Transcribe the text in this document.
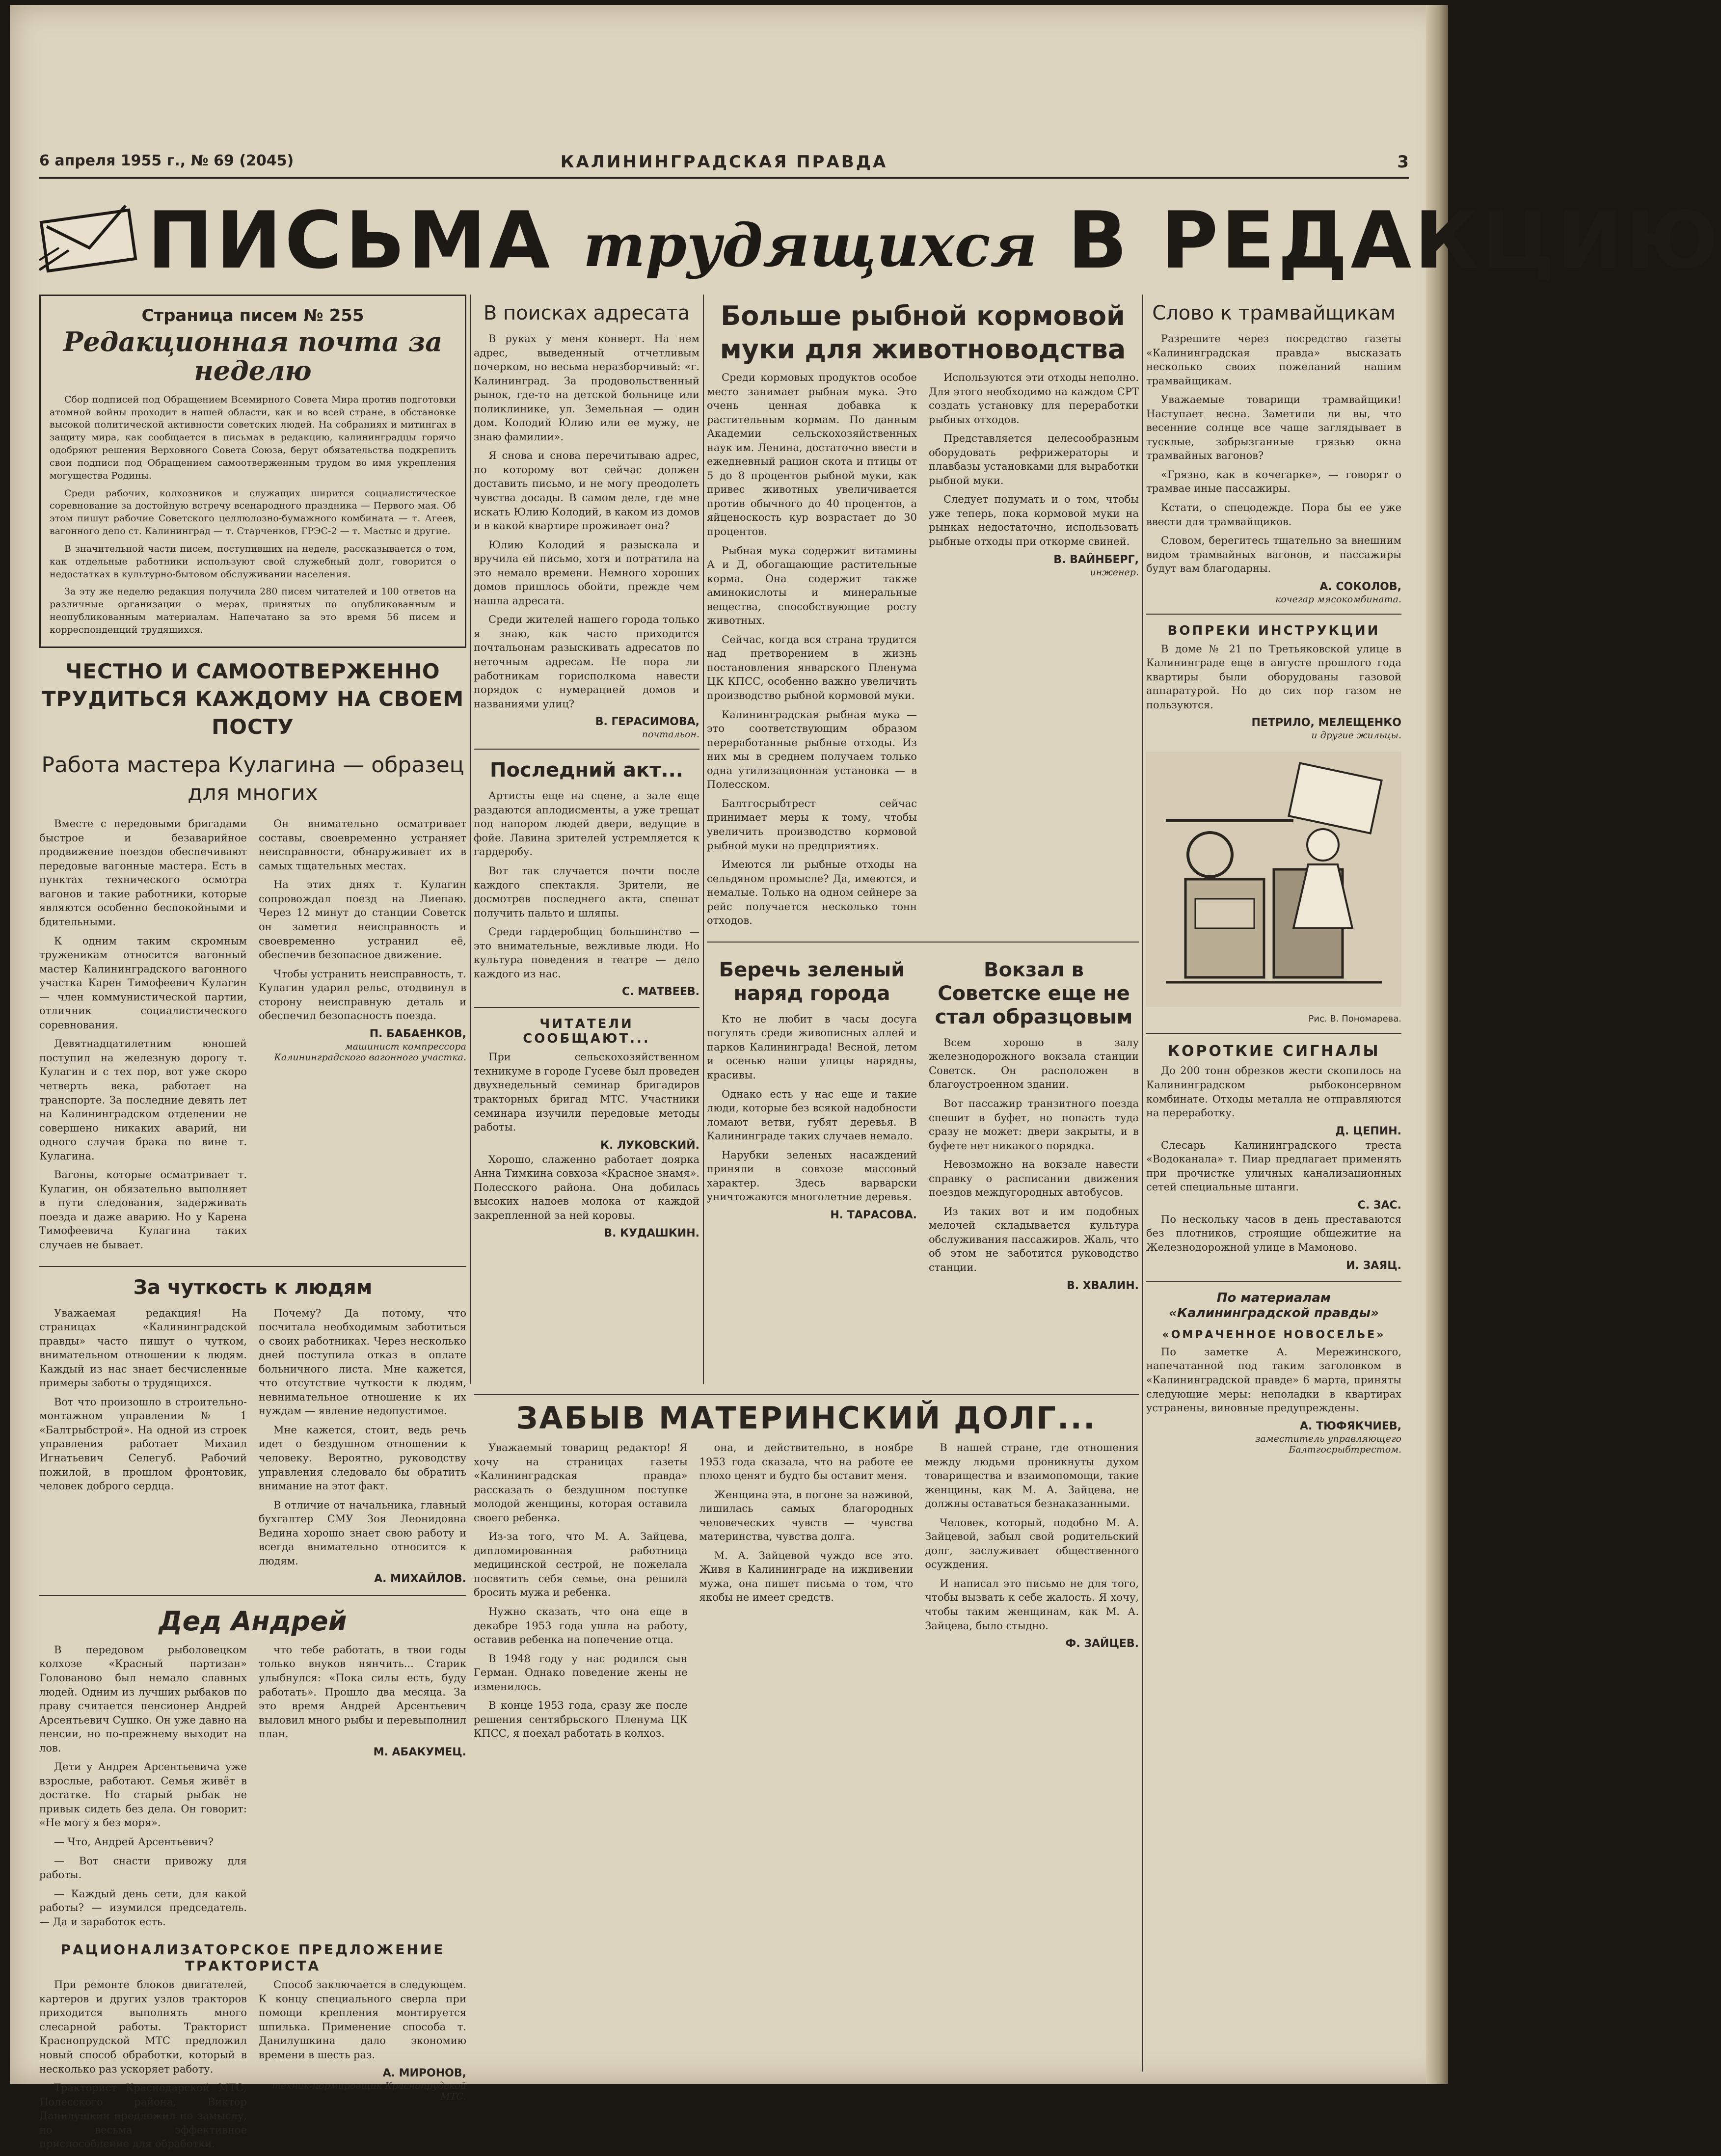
6 апреля 1955 г., № 69 (2045)	КАЛИНИНГРАДСКАЯ ПРАВДА	3
ПИСЬМА трудящихся В РЕДАКЦИЮ
Страница писем № 255
Редакционная почта за неделю

Сбор подписей под Обращением Всемирного Совета Мира против подготовки атомной войны проходит в нашей области, как и во всей стране, в обстановке высокой политической активности советских людей. На собраниях и митингах в защиту мира, как сообщается в письмах в редакцию, калининградцы горячо одобряют решения Верховного Совета Союза, берут обязательства подкрепить свои подписи под Обращением самоотверженным трудом во имя укрепления могущества Родины.

Среди рабочих, колхозников и служащих ширится социалистическое соревнование за достойную встречу всенародного праздника — Первого мая. Об этом пишут рабочие Советского целлюлозно-бумажного комбината — т. Агеев, вагонного депо ст. Калининград — т. Старченков, ГРЭС-2 — т. Мастыс и другие.

В значительной части писем, поступивших на неделе, рассказывается о том, как отдельные работники используют свой служебный долг, говорится о недостатках в культурно-бытовом обслуживании населения.

За эту же неделю редакция получила 280 писем читателей и 100 ответов на различные организации о мерах, принятых по опубликованным и неопубликованным материалам. Напечатано за это время 56 писем и корреспонденций трудящихся.

ЧЕСТНО И САМООТВЕРЖЕННО ТРУДИТЬСЯ КАЖДОМУ НА СВОЕМ ПОСТУ
Работа мастера Кулагина — образец для многих

Вместе с передовыми бригадами быстрое и безаварийное продвижение поездов обеспечивают передовые вагонные мастера. Есть в пунктах технического осмотра вагонов и такие работники, которые являются особенно беспокойными и бдительными.

К одним таким скромным труженикам относится вагонный мастер Калининградского вагонного участка Карен Тимофеевич Кулагин — член коммунистической партии, отличник социалистического соревнования.

Девятнадцатилетним юношей поступил на железную дорогу т. Кулагин и с тех пор, вот уже скоро четверть века, работает на транспорте. За последние девять лет на Калининградском отделении не совершено никаких аварий, ни одного случая брака по вине т. Кулагина.

Вагоны, которые осматривает т. Кулагин, он обязательно выполняет в пути следования, задерживать поезда и даже аварию. Но у Карена Тимофеевича Кулагина таких случаев не бывает.

Он внимательно осматривает составы, своевременно устраняет неисправности, обнаруживает их в самых тщательных местах.

На этих днях т. Кулагин сопровождал поезд на Лиепаю. Через 12 минут до станции Советск он заметил неисправность и своевременно устранил её, обеспечив безопасное движение.

Чтобы устранить неисправность, т. Кулагин ударил рельс, отодвинул в сторону неисправную деталь и обеспечил безопасность поезда.

П. БАБАЕНКОВ,
машинист компрессора Калининградского вагонного участка.
За чуткость к людям

Уважаемая редакция! На страницах «Калининградской правды» часто пишут о чутком, внимательном отношении к людям. Каждый из нас знает бесчисленные примеры заботы о трудящихся.

Вот что произошло в строительно-монтажном управлении № 1 «Балтрыбстрой». На одной из строек управления работает Михаил Игнатьевич Селегуб. Рабочий пожилой, в прошлом фронтовик, человек доброго сердца.

Почему? Да потому, что посчитала необходимым заботиться о своих работниках. Через несколько дней поступила отказ в оплате больничного листа. Мне кажется, что отсутствие чуткости к людям, невнимательное отношение к их нуждам — явление недопустимое.

Мне кажется, стоит, ведь речь идет о бездушном отношении к человеку. Вероятно, руководству управления следовало бы обратить внимание на этот факт.

В отличие от начальника, главный бухгалтер СМУ Зоя Леонидовна Ведина хорошо знает свою работу и всегда внимательно относится к людям.

А. МИХАЙЛОВ.
Дед Андрей

В передовом рыболовецком колхозе «Красный партизан» Голованово был немало славных людей. Одним из лучших рыбаков по праву считается пенсионер Андрей Арсентьевич Сушко. Он уже давно на пенсии, но по-прежнему выходит на лов.

Дети у Андрея Арсентьевича уже взрослые, работают. Семья живёт в достатке. Но старый рыбак не привык сидеть без дела. Он говорит: «Не могу я без моря».

— Что, Андрей Арсентьевич?

— Вот снасти привожу для работы.

— Каждый день сети, для какой работы? — изумился председатель. — Да и заработок есть.

что тебе работать, в твои годы только внуков нянчить... Старик улыбнулся: «Пока силы есть, буду работать». Прошло два месяца. За это время Андрей Арсентьевич выловил много рыбы и перевыполнил план.

М. АБАКУМЕЦ.
РАЦИОНАЛИЗАТОРСКОЕ ПРЕДЛОЖЕНИЕ ТРАКТОРИСТА

При ремонте блоков двигателей, картеров и других узлов тракторов приходится выполнять много слесарной работы. Тракторист Краснопрудской МТС предложил новый способ обработки, который в несколько раз ускоряет работу.

Тракторист Краснодарской МТС, Полесского района, Виктор Данилушкин предложил по замыслу, но весьма эффективное приспособление для обработки.

Способ заключается в следующем. К концу специального сверла при помощи крепления монтируется шпилька. Применение способа т. Данилушкина дало экономию времени в шесть раз.

А. МИРОНОВ,
техник-нормировщик Краснопрудской МТС.
В поисках адресата

В руках у меня конверт. На нем адрес, выведенный отчетливым почерком, но весьма неразборчивый: «г. Калининград. За продовольственный рынок, где-то на детской больнице или поликлинике, ул. Земельная — один дом. Колодий Юлию или ее мужу, не знаю фамилии».

Я снова и снова перечитываю адрес, по которому вот сейчас должен доставить письмо, и не могу преодолеть чувства досады. В самом деле, где мне искать Юлию Колодий, в каком из домов и в какой квартире проживает она?

Юлию Колодий я разыскала и вручила ей письмо, хотя и потратила на это немало времени. Немного хороших домов пришлось обойти, прежде чем нашла адресата.

Среди жителей нашего города только я знаю, как часто приходится почтальонам разыскивать адресатов по неточным адресам. Не пора ли работникам горисполкома навести порядок с нумерацией домов и названиями улиц?

В. ГЕРАСИМОВА,
почтальон.
Последний акт...

Артисты еще на сцене, а зале еще раздаются аплодисменты, а уже трещат под напором людей двери, ведущие в фойе. Лавина зрителей устремляется к гардеробу.

Вот так случается почти после каждого спектакля. Зрители, не досмотрев последнего акта, спешат получить пальто и шляпы.

Среди гардеробщиц большинство — это внимательные, вежливые люди. Но культура поведения в театре — дело каждого из нас.

С. МАТВЕЕВ.
ЧИТАТЕЛИ СООБЩАЮТ...

При сельскохозяйственном техникуме в городе Гусеве был проведен двухнедельный семинар бригадиров тракторных бригад МТС. Участники семинара изучили передовые методы работы.

К. ЛУКОВСКИЙ.

Хорошо, слаженно работает доярка Анна Тимкина совхоза «Красное знамя». Полесского района. Она добилась высоких надоев молока от каждой закрепленной за ней коровы.

В. КУДАШКИН.
Больше рыбной кормовой муки для животноводства

Среди кормовых продуктов особое место занимает рыбная мука. Это очень ценная добавка к растительным кормам. По данным Академии сельскохозяйственных наук им. Ленина, достаточно ввести в ежедневный рацион скота и птицы от 5 до 8 процентов рыбной муки, как привес животных увеличивается против обычного до 40 процентов, а яйценоскость кур возрастает до 30 процентов.

Рыбная мука содержит витамины А и Д, обогащающие растительные корма. Она содержит также аминокислоты и минеральные вещества, способствующие росту животных.

Сейчас, когда вся страна трудится над претворением в жизнь постановления январского Пленума ЦК КПСС, особенно важно увеличить производство рыбной кормовой муки.

Калининградская рыбная мука — это соответствующим образом переработанные рыбные отходы. Из них мы в среднем получаем только одна утилизационная установка — в Полесском.

Балтгосрыбтрест сейчас принимает меры к тому, чтобы увеличить производство кормовой рыбной муки на предприятиях.

Имеются ли рыбные отходы на сельдяном промысле? Да, имеются, и немалые. Только на одном сейнере за рейс получается несколько тонн отходов.

Используются эти отходы неполно. Для этого необходимо на каждом СРТ создать установку для переработки рыбных отходов.

Представляется целесообразным оборудовать рефрижераторы и плавбазы установками для выработки рыбной муки.

Следует подумать и о том, чтобы уже теперь, пока кормовой муки на рынках недостаточно, использовать рыбные отходы при откорме свиней.

В. ВАЙНБЕРГ,
инженер.
Беречь зеленый наряд города

Кто не любит в часы досуга погулять среди живописных аллей и парков Калининграда! Весной, летом и осенью наши улицы нарядны, красивы.

Однако есть у нас еще и такие люди, которые без всякой надобности ломают ветви, губят деревья. В Калининграде таких случаев немало.

Нарубки зеленых насаждений приняли в совхозе массовый характер. Здесь варварски уничтожаются многолетние деревья.

Н. ТАРАСОВА.
Вокзал в Советске еще не стал образцовым

Всем хорошо в залу железнодорожного вокзала станции Советск. Он расположен в благоустроенном здании.

Вот пассажир транзитного поезда спешит в буфет, но попасть туда сразу не может: двери закрыты, и в буфете нет никакого порядка.

Невозможно на вокзале навести справку о расписании движения поездов междугородных автобусов.

Из таких вот и им подобных мелочей складывается культура обслуживания пассажиров. Жаль, что об этом не заботится руководство станции.

В. ХВАЛИН.
Слово к трамвайщикам

Разрешите через посредство газеты «Калининградская правда» высказать несколько своих пожеланий нашим трамвайщикам.

Уважаемые товарищи трамвайщики! Наступает весна. Заметили ли вы, что весенние солнце все чаще заглядывает в тусклые, забрызганные грязью окна трамвайных вагонов?

«Грязно, как в кочегарке», — говорят о трамвае иные пассажиры.

Кстати, о спецодежде. Пора бы ее уже ввести для трамвайщиков.

Словом, берегитесь тщательно за внешним видом трамвайных вагонов, и пассажиры будут вам благодарны.

А. СОКОЛОВ,
кочегар мясокомбината.
ВОПРЕКИ ИНСТРУКЦИИ

В доме № 21 по Третьяковской улице в Калининграде еще в августе прошлого года квартиры были оборудованы газовой аппаратурой. Но до сих пор газом не пользуются.

ПЕТРИЛО, МЕЛЕЩЕНКО
и другие жильцы.
Рис. В. Пономарева.
КОРОТКИЕ СИГНАЛЫ

До 200 тонн обрезков жести скопилось на Калининградском рыбоконсервном комбинате. Отходы металла не отправляются на переработку.

Д. ЦЕПИН.

Слесарь Калининградского треста «Водоканала» т. Пиар предлагает применять при прочистке уличных канализационных сетей специальные штанги.

С. ЗАС.

По нескольку часов в день преставаются без плотников, строящие общежитие на Железнодорожной улице в Мамоново.

И. ЗАЯЦ.
По материалам «Калининградской правды»
«ОМРАЧЕННОЕ НОВОСЕЛЬЕ»

По заметке А. Мережинского, напечатанной под таким заголовком в «Калининградской правде» 6 марта, приняты следующие меры: неполадки в квартирах устранены, виновные предупреждены.

А. ТЮФЯКЧИЕВ,
заместитель управляющего Балтгосрыбтрестом.
ЗАБЫВ МАТЕРИНСКИЙ ДОЛГ...

Уважаемый товарищ редактор! Я хочу на страницах газеты «Калининградская правда» рассказать о бездушном поступке молодой женщины, которая оставила своего ребенка.

Из-за того, что М. А. Зайцева, дипломированная работница медицинской сестрой, не пожелала посвятить себя семье, она решила бросить мужа и ребенка.

Нужно сказать, что она еще в декабре 1953 года ушла на работу, оставив ребенка на попечение отца.

В 1948 году у нас родился сын Герман. Однако поведение жены не изменилось.

В конце 1953 года, сразу же после решения сентябрьского Пленума ЦК КПСС, я поехал работать в колхоз.

она, и действительно, в ноябре 1953 года сказала, что на работе ее плохо ценят и будто бы оставит меня.

Женщина эта, в погоне за наживой, лишилась самых благородных человеческих чувств — чувства материнства, чувства долга.

М. А. Зайцевой чуждо все это. Живя в Калининграде на иждивении мужа, она пишет письма о том, что якобы не имеет средств.

В нашей стране, где отношения между людьми проникнуты духом товарищества и взаимопомощи, такие женщины, как М. А. Зайцева, не должны оставаться безнаказанными.

Человек, который, подобно М. А. Зайцевой, забыл свой родительский долг, заслуживает общественного осуждения.

И написал это письмо не для того, чтобы вызвать к себе жалость. Я хочу, чтобы таким женщинам, как М. А. Зайцева, было стыдно.

Ф. ЗАЙЦЕВ.
